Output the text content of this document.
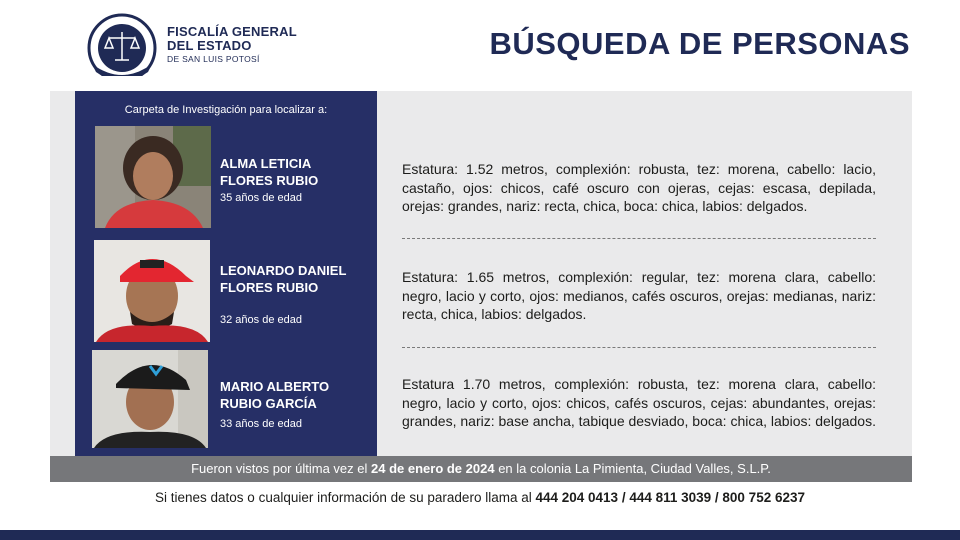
FISCALÍA GENERAL
DEL ESTADO
DE SAN LUIS POTOSÍ	BÚSQUEDA DE PERSONAS
Carpeta de Investigación para localizar a:
ALMA LETICIA
FLORES RUBIO
35 años de edad
LEONARDO DANIEL
FLORES RUBIO
32 años de edad
MARIO ALBERTO
RUBIO GARCÍA
33 años de edad
Estatura: 1.52 metros, complexión: robusta, tez: morena, cabello: lacio, castaño, ojos: chicos, café oscuro con ojeras, cejas: escasa, depilada, orejas: grandes, nariz: recta, chica, boca: chica, labios: delgados.
Estatura: 1.65 metros, complexión: regular, tez: morena clara, cabello: negro, lacio y corto, ojos: medianos, cafés oscuros, orejas: medianas, nariz: recta, chica, labios: delgados.
Estatura 1.70 metros, complexión: robusta, tez: morena clara, cabello: negro, lacio y corto, ojos: chicos, cafés oscuros, cejas: abundantes, orejas: grandes, nariz: base ancha, tabique desviado, boca: chica, labios: delgados.
Fueron vistos por última vez el 24 de enero de 2024 en la colonia La Pimienta, Ciudad Valles, S.L.P.
Si tienes datos o cualquier información de su paradero llama al 444 204 0413 / 444 811 3039 / 800 752 6237
